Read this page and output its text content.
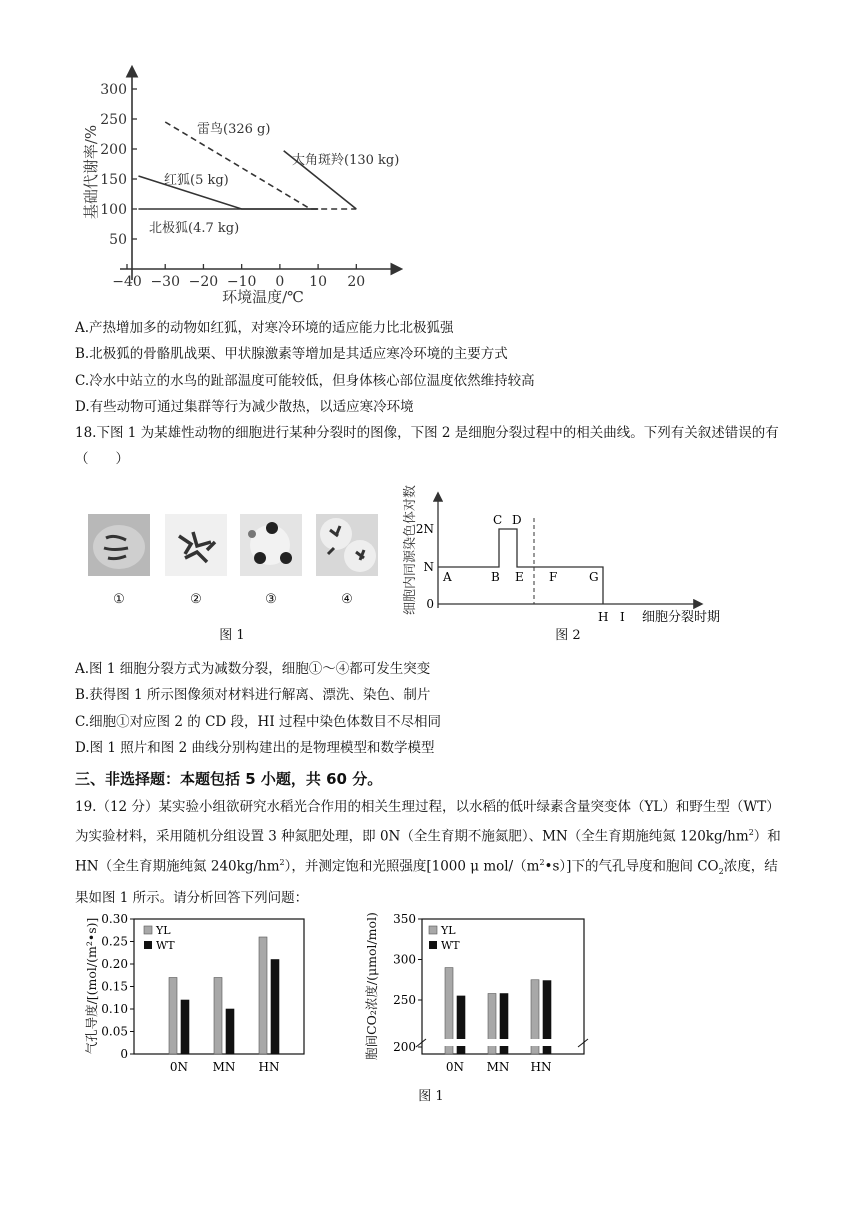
300
250
200
150
100
50
−40 −30 −20 −10 0 10 20
基础代谢率/%
环境温度/℃
雷鸟(326 g)
红狐(5 kg)
北极狐(4.7 kg)
大角斑羚(130 kg)
A.产热增加多的动物如红狐，对寒冷环境的适应能力比北极狐强
B.北极狐的骨骼肌战栗、甲状腺激素等增加是其适应寒冷环境的主要方式
C.冷水中站立的水鸟的趾部温度可能较低，但身体核心部位温度依然维持较高
D.有些动物可通过集群等行为减少散热，以适应寒冷环境
18.下图 1 为某雄性动物的细胞进行某种分裂时的图像，下图 2 是细胞分裂过程中的相关曲线。下列有关叙述错误的有（　　）
①	②	③	④
图 1
细胞内同源染色体对数
2N
N
0
A	B
C D
E F	G
H I 细胞分裂时期
图 2
A.图 1 细胞分裂方式为减数分裂，细胞①～④都可发生突变
B.获得图 1 所示图像须对材料进行解离、漂洗、染色、制片
C.细胞①对应图 2 的 CD 段，HI 过程中染色体数目不尽相同
D.图 1 照片和图 2 曲线分别构建出的是物理模型和数学模型
三、非选择题：本题包括 5 小题，共 60 分。
19.（12 分）某实验小组欲研究水稻光合作用的相关生理过程，以水稻的低叶绿素含量突变体（YL）和野生型（WT）为实验材料，采用随机分组设置 3 种氮肥处理，即 0N（全生育期不施氮肥）、MN（全生育期施纯氮 $120kg/hm^2$）和 HN（全生育期施纯氮 $240kg/hm^2$），并测定饱和光照强度[1000 μ mol/$(m^2•s)$]下的气孔导度和胞间 $CO_2$浓度，结果如图 1 所示。请分析回答下列问题：
气孔导度/[(mol/(m²•s)] 0.30
0.25
0.20
0.15
0.10
0.05
0
YL
WT
0N MN HN
胞间CO₂浓度/(μmol/mol) 350
300
250
200
YL
WT
0N MN HN
图 1
